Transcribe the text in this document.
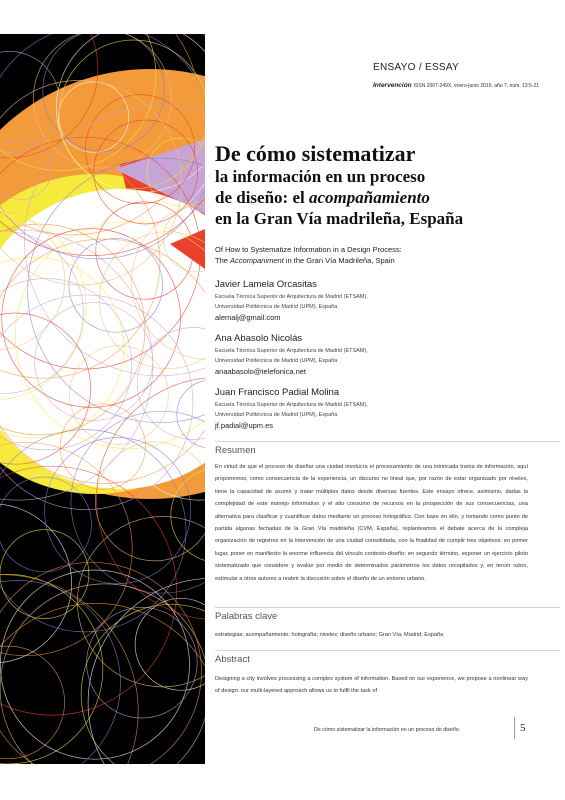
ENSAYO / ESSAY
Intervención ISSN 2007-249X, enero-junio 2016, año 7, núm. 13:5-21
De cómo sistematizar
la información en un proceso
de diseño: el acompañamiento
en la Gran Vía madrileña, España
Of How to Systematize Information in a Design Process:
The Accompaniment in the Gran Vía Madrileña, Spain
Javier Lamela Orcasitas
Escuela Técnica Superior de Arquitectura de Madrid (ETSAM),
Universidad Politécnica de Madrid (UPM), España
alemalj@gmail.com
Ana Abasolo Nicolás
Escuela Técnica Superior de Arquitectura de Madrid (ETSAM),
Universidad Politécnica de Madrid (UPM), España
anaabasolo@telefonica.net
Juan Francisco Padial Molina
Escuela Técnica Superior de Arquitectura de Madrid (ETSAM),
Universidad Politécnica de Madrid (UPM), España
jf.padial@upm.es
Resumen
En virtud de que el proceso de diseñar una ciudad involucra el procesamiento de una intrincada trama de información, aquí proponemos, como consecuencia de la experiencia, un discurso no lineal que, por razón de estar organizado por niveles, tiene la capacidad de asumir y tratar múltiples datos desde diversas fuentes. Este ensayo ofrece, asimismo, dadas la complejidad de este manejo informativo y el alto consumo de recursos en la prospección de sus consecuencias, una alternativa para clasificar y cuantificar datos mediante un proceso holográfico. Con base en ello, y tomando como punto de partida algunas fachadas de la Gran Vía madrileña (CVM, España), replanteamos el debate acerca de la compleja organización de registros en la intervención de una ciudad consolidada, con la finalidad de cumplir tres objetivos: en primer lugar, poner en manifiesto la enorme influencia del vínculo contexto-diseño; en segundo término, exponer un ejercicio piloto sistematizado que considere y evalúe por medio de determinados parámetros los datos recopilados y, en tercer rubro, estimular a otros autores a reabrir la discusión sobre el diseño de un entorno urbano.
Palabras clave
estrategias; acompañamiento; holografía; niveles; diseño urbano; Gran Vía; Madrid; España
Abstract
Designing a city involves processing a complex system of information. Based on our experience, we propose a nonlinear way of design: our multi-layered approach allows us to fulfil the task of
De cómo sistematizar la información en un proceso de diseño	5
